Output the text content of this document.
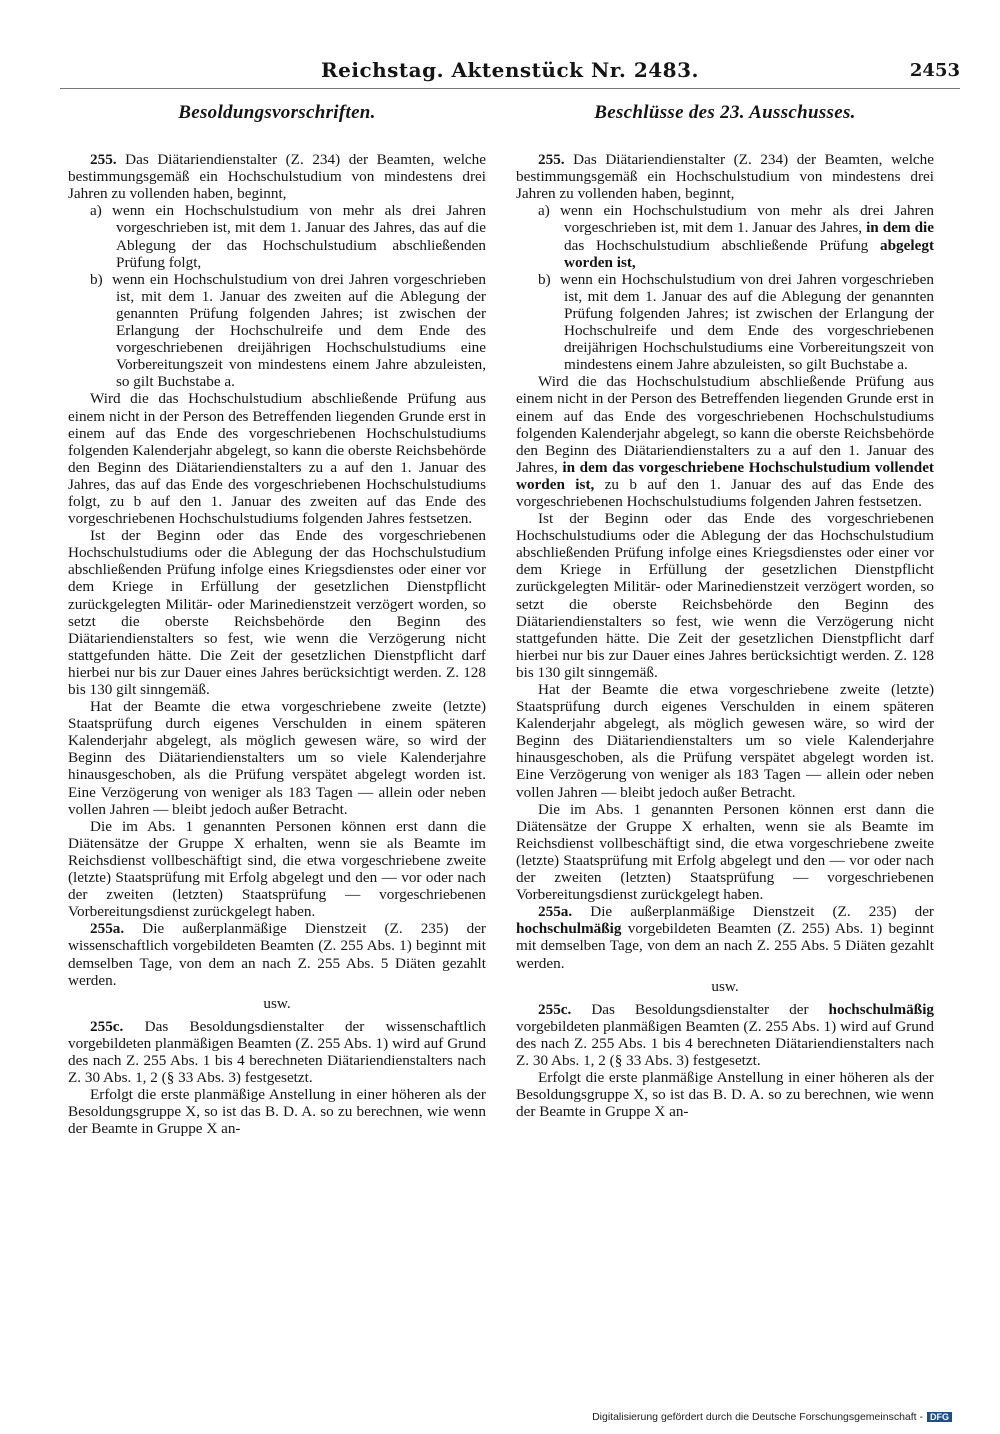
Reichstag. Aktenstück Nr. 2483.	2453
Besoldungsvorschriften.

255. Das Diätariendienstalter (Z. 234) der Beamten, welche bestimmungsgemäß ein Hochschulstudium von mindestens drei Jahren zu vollenden haben, beginnt,

a) wenn ein Hochschulstudium von mehr als drei Jahren vorgeschrieben ist, mit dem 1. Januar des Jahres, das auf die Ablegung der das Hochschulstudium abschließenden Prüfung folgt,

b) wenn ein Hochschulstudium von drei Jahren vorgeschrieben ist, mit dem 1. Januar des zweiten auf die Ablegung der genannten Prüfung folgenden Jahres; ist zwischen der Erlangung der Hochschulreife und dem Ende des vorgeschriebenen dreijährigen Hochschulstudiums eine Vorbereitungszeit von mindestens einem Jahre abzuleisten, so gilt Buchstabe a.

Wird die das Hochschulstudium abschließende Prüfung aus einem nicht in der Person des Betreffenden liegenden Grunde erst in einem auf das Ende des vorgeschriebenen Hochschulstudiums folgenden Kalenderjahr abgelegt, so kann die oberste Reichsbehörde den Beginn des Diätariendienstalters zu a auf den 1. Januar des Jahres, das auf das Ende des vorgeschriebenen Hochschulstudiums folgt, zu b auf den 1. Januar des zweiten auf das Ende des vorgeschriebenen Hochschulstudiums folgenden Jahres festsetzen.

Ist der Beginn oder das Ende des vorgeschriebenen Hochschulstudiums oder die Ablegung der das Hochschulstudium abschließenden Prüfung infolge eines Kriegsdienstes oder einer vor dem Kriege in Erfüllung der gesetzlichen Dienstpflicht zurückgelegten Militär- oder Marinedienstzeit verzögert worden, so setzt die oberste Reichsbehörde den Beginn des Diätariendienstalters so fest, wie wenn die Verzögerung nicht stattgefunden hätte. Die Zeit der gesetzlichen Dienstpflicht darf hierbei nur bis zur Dauer eines Jahres berücksichtigt werden. Z. 128 bis 130 gilt sinngemäß.

Hat der Beamte die etwa vorgeschriebene zweite (letzte) Staatsprüfung durch eigenes Verschulden in einem späteren Kalenderjahr abgelegt, als möglich gewesen wäre, so wird der Beginn des Diätariendienstalters um so viele Kalenderjahre hinausgeschoben, als die Prüfung verspätet abgelegt worden ist. Eine Verzögerung von weniger als 183 Tagen — allein oder neben vollen Jahren — bleibt jedoch außer Betracht.

Die im Abs. 1 genannten Personen können erst dann die Diätensätze der Gruppe X erhalten, wenn sie als Beamte im Reichsdienst vollbeschäftigt sind, die etwa vorgeschriebene zweite (letzte) Staatsprüfung mit Erfolg abgelegt und den — vor oder nach der zweiten (letzten) Staatsprüfung — vorgeschriebenen Vorbereitungsdienst zurückgelegt haben.

255a. Die außerplanmäßige Dienstzeit (Z. 235) der wissenschaftlich vorgebildeten Beamten (Z. 255 Abs. 1) beginnt mit demselben Tage, von dem an nach Z. 255 Abs. 5 Diäten gezahlt werden.

usw.

255c. Das Besoldungsdienstalter der wissenschaftlich vorgebildeten planmäßigen Beamten (Z. 255 Abs. 1) wird auf Grund des nach Z. 255 Abs. 1 bis 4 berechneten Diätariendienstalters nach Z. 30 Abs. 1, 2 (§ 33 Abs. 3) festgesetzt.

Erfolgt die erste planmäßige Anstellung in einer höheren als der Besoldungsgruppe X, so ist das B. D. A. so zu berechnen, wie wenn der Beamte in Gruppe X an-

Beschlüsse des 23. Ausschusses.

255. Das Diätariendienstalter (Z. 234) der Beamten, welche bestimmungsgemäß ein Hochschulstudium von mindestens drei Jahren zu vollenden haben, beginnt,

a) wenn ein Hochschulstudium von mehr als drei Jahren vorgeschrieben ist, mit dem 1. Januar des Jahres, in dem die das Hochschulstudium abschließende Prüfung abgelegt worden ist,

b) wenn ein Hochschulstudium von drei Jahren vorgeschrieben ist, mit dem 1. Januar des auf die Ablegung der genannten Prüfung folgenden Jahres; ist zwischen der Erlangung der Hochschulreife und dem Ende des vorgeschriebenen dreijährigen Hochschulstudiums eine Vorbereitungszeit von mindestens einem Jahre abzuleisten, so gilt Buchstabe a.

Wird die das Hochschulstudium abschließende Prüfung aus einem nicht in der Person des Betreffenden liegenden Grunde erst in einem auf das Ende des vorgeschriebenen Hochschulstudiums folgenden Kalenderjahr abgelegt, so kann die oberste Reichsbehörde den Beginn des Diätariendienstalters zu a auf den 1. Januar des Jahres, in dem das vorgeschriebene Hochschulstudium vollendet worden ist, zu b auf den 1. Januar des auf das Ende des vorgeschriebenen Hochschulstudiums folgenden Jahren festsetzen.

Ist der Beginn oder das Ende des vorgeschriebenen Hochschulstudiums oder die Ablegung der das Hochschulstudium abschließenden Prüfung infolge eines Kriegsdienstes oder einer vor dem Kriege in Erfüllung der gesetzlichen Dienstpflicht zurückgelegten Militär- oder Marinedienstzeit verzögert worden, so setzt die oberste Reichsbehörde den Beginn des Diätariendienstalters so fest, wie wenn die Verzögerung nicht stattgefunden hätte. Die Zeit der gesetzlichen Dienstpflicht darf hierbei nur bis zur Dauer eines Jahres berücksichtigt werden. Z. 128 bis 130 gilt sinngemäß.

Hat der Beamte die etwa vorgeschriebene zweite (letzte) Staatsprüfung durch eigenes Verschulden in einem späteren Kalenderjahr abgelegt, als möglich gewesen wäre, so wird der Beginn des Diätariendienstalters um so viele Kalenderjahre hinausgeschoben, als die Prüfung verspätet abgelegt worden ist. Eine Verzögerung von weniger als 183 Tagen — allein oder neben vollen Jahren — bleibt jedoch außer Betracht.

Die im Abs. 1 genannten Personen können erst dann die Diätensätze der Gruppe X erhalten, wenn sie als Beamte im Reichsdienst vollbeschäftigt sind, die etwa vorgeschriebene zweite (letzte) Staatsprüfung mit Erfolg abgelegt und den — vor oder nach der zweiten (letzten) Staatsprüfung — vorgeschriebenen Vorbereitungsdienst zurückgelegt haben.

255a. Die außerplanmäßige Dienstzeit (Z. 235) der hochschulmäßig vorgebildeten Beamten (Z. 255) Abs. 1) beginnt mit demselben Tage, von dem an nach Z. 255 Abs. 5 Diäten gezahlt werden.

usw.

255c. Das Besoldungsdienstalter der hochschulmäßig vorgebildeten planmäßigen Beamten (Z. 255 Abs. 1) wird auf Grund des nach Z. 255 Abs. 1 bis 4 berechneten Diätariendienstalters nach Z. 30 Abs. 1, 2 (§ 33 Abs. 3) festgesetzt.

Erfolgt die erste planmäßige Anstellung in einer höheren als der Besoldungsgruppe X, so ist das B. D. A. so zu berechnen, wie wenn der Beamte in Gruppe X an-

Digitalisierung gefördert durch die Deutsche Forschungsgemeinschaft - DFG
